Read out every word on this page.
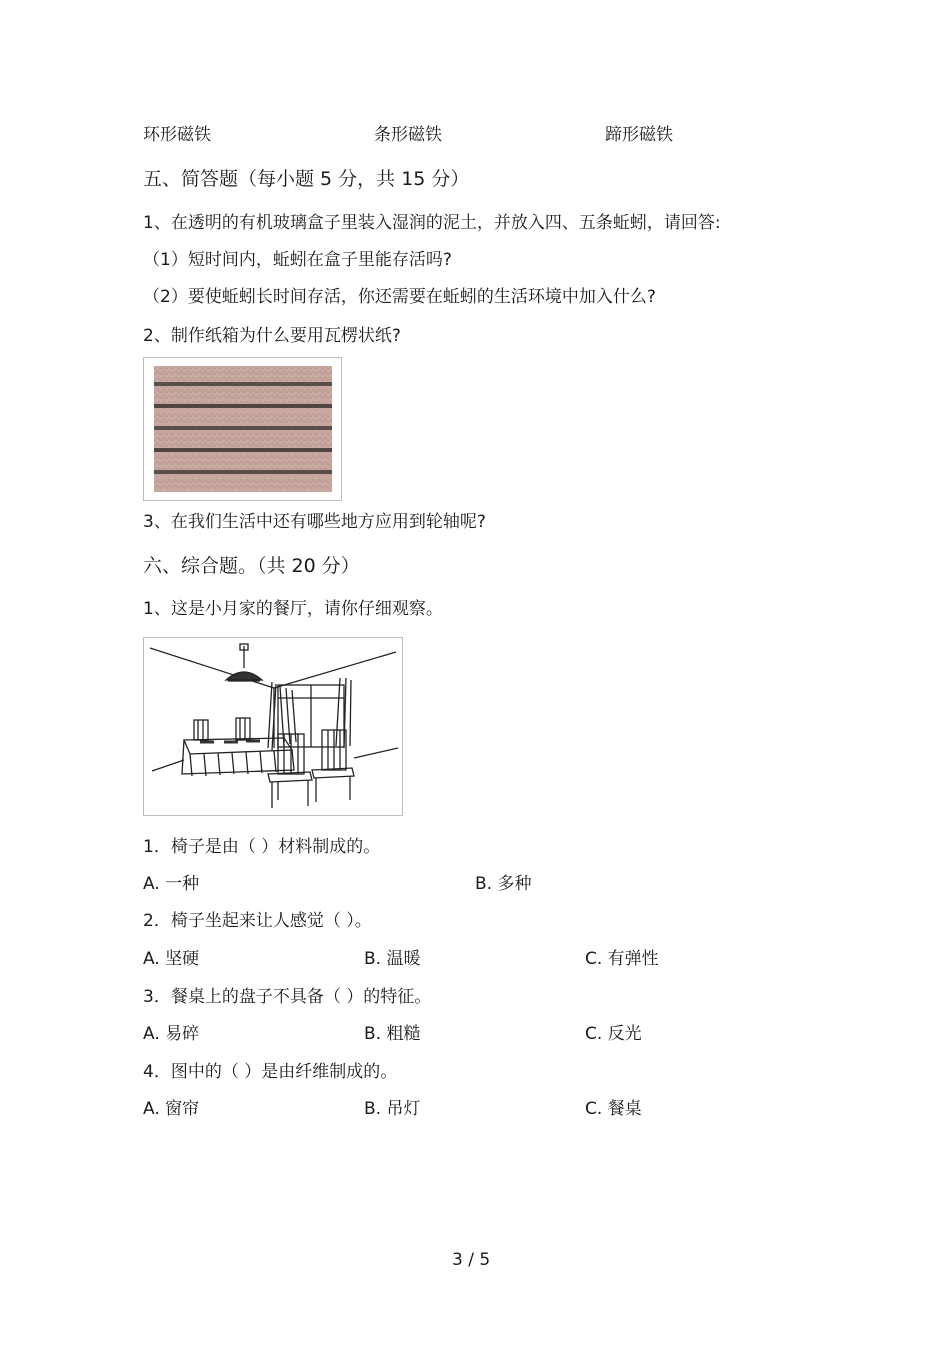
环形磁铁	条形磁铁	蹄形磁铁
五、简答题（每小题 5 分，共 15 分）
1、在透明的有机玻璃盒子里装入湿润的泥土，并放入四、五条蚯蚓，请回答:
（1）短时间内，蚯蚓在盒子里能存活吗?
（2）要使蚯蚓长时间存活，你还需要在蚯蚓的生活环境中加入什么?
2、制作纸箱为什么要用瓦楞状纸?
3、在我们生活中还有哪些地方应用到轮轴呢?
六、综合题。（共 20 分）
1、这是小月家的餐厅，请你仔细观察。
1．椅子是由（ ）材料制成的。
A. 一种	B. 多种
2．椅子坐起来让人感觉（ ）。
A. 坚硬	B. 温暖	C. 有弹性
3．餐桌上的盘子不具备（ ）的特征。
A. 易碎	B. 粗糙	C. 反光
4．图中的（ ）是由纤维制成的。
A. 窗帘	B. 吊灯	C. 餐桌
3 / 5
